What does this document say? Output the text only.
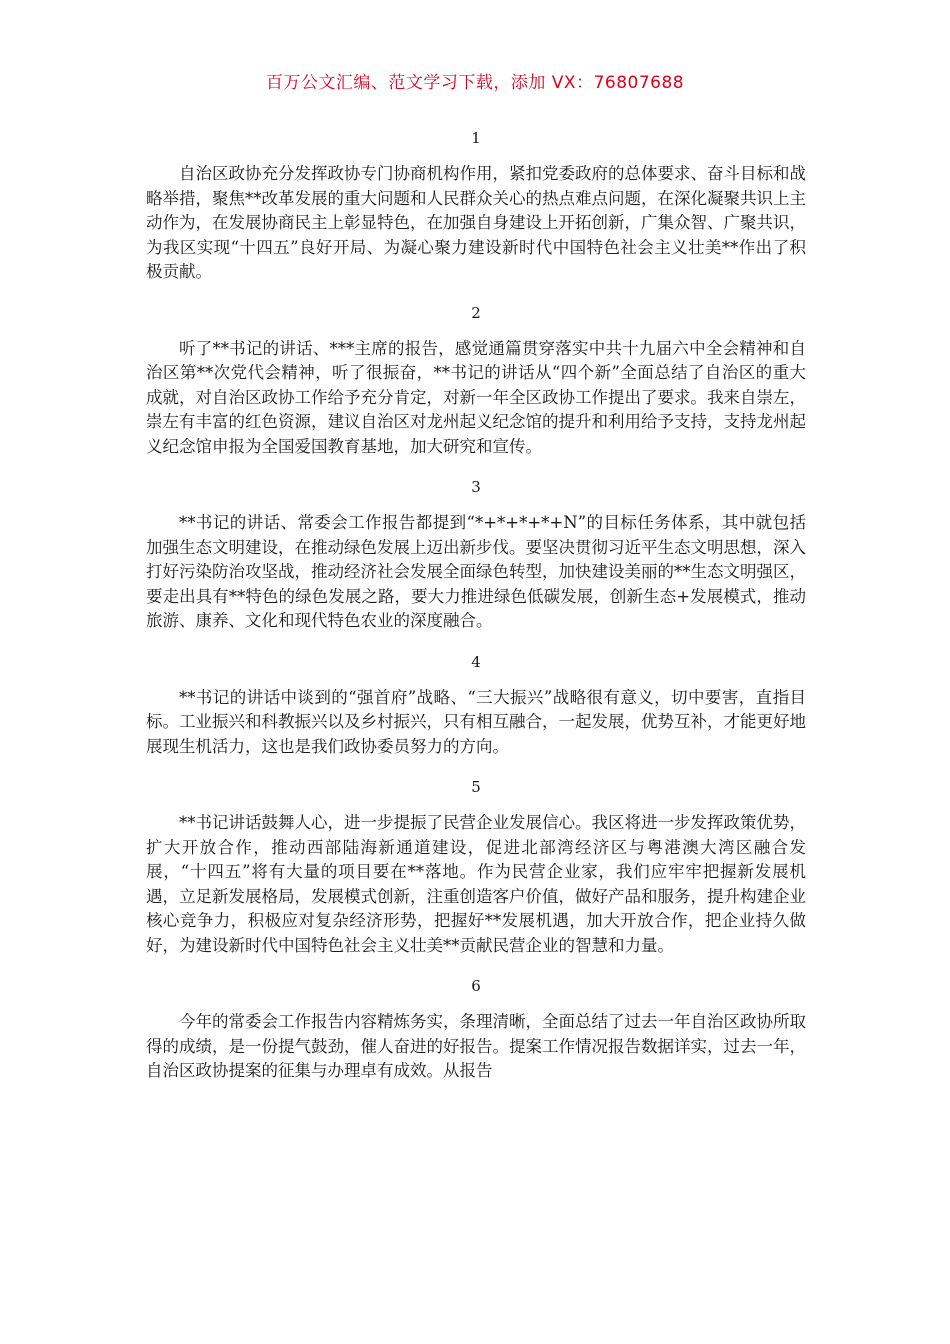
百万公文汇编、范文学习下载，添加 VX：76807688
1

自治区政协充分发挥政协专门协商机构作用，紧扣党委政府的总体要求、奋斗目标和战略举措，聚焦**改革发展的重大问题和人民群众关心的热点难点问题，在深化凝聚共识上主动作为，在发展协商民主上彰显特色，在加强自身建设上开拓创新，广集众智、广聚共识，为我区实现“十四五”良好开局、为凝心聚力建设新时代中国特色社会主义壮美**作出了积极贡献。

2

听了**书记的讲话、***主席的报告，感觉通篇贯穿落实中共十九届六中全会精神和自治区第**次党代会精神，听了很振奋，**书记的讲话从“四个新”全面总结了自治区的重大成就，对自治区政协工作给予充分肯定，对新一年全区政协工作提出了要求。我来自崇左，崇左有丰富的红色资源，建议自治区对龙州起义纪念馆的提升和利用给予支持，支持龙州起义纪念馆申报为全国爱国教育基地，加大研究和宣传。

3

**书记的讲话、常委会工作报告都提到“*+*+*+*+N”的目标任务体系，其中就包括加强生态文明建设，在推动绿色发展上迈出新步伐。要坚决贯彻习近平生态文明思想，深入打好污染防治攻坚战，推动经济社会发展全面绿色转型，加快建设美丽的**生态文明强区，要走出具有**特色的绿色发展之路，要大力推进绿色低碳发展，创新生态+发展模式，推动旅游、康养、文化和现代特色农业的深度融合。

4

**书记的讲话中谈到的“强首府”战略、“三大振兴”战略很有意义，切中要害，直指目标。工业振兴和科教振兴以及乡村振兴，只有相互融合，一起发展，优势互补，才能更好地展现生机活力，这也是我们政协委员努力的方向。

5

**书记讲话鼓舞人心，进一步提振了民营企业发展信心。我区将进一步发挥政策优势，扩大开放合作，推动西部陆海新通道建设，促进北部湾经济区与粤港澳大湾区融合发展，“十四五”将有大量的项目要在**落地。作为民营企业家，我们应牢牢把握新发展机遇，立足新发展格局，发展模式创新，注重创造客户价值，做好产品和服务，提升构建企业核心竞争力，积极应对复杂经济形势，把握好**发展机遇，加大开放合作，把企业持久做好，为建设新时代中国特色社会主义壮美**贡献民营企业的智慧和力量。

6

今年的常委会工作报告内容精炼务实，条理清晰，全面总结了过去一年自治区政协所取得的成绩，是一份提气鼓劲，催人奋进的好报告。提案工作情况报告数据详实，过去一年，自治区政协提案的征集与办理卓有成效。从报告
